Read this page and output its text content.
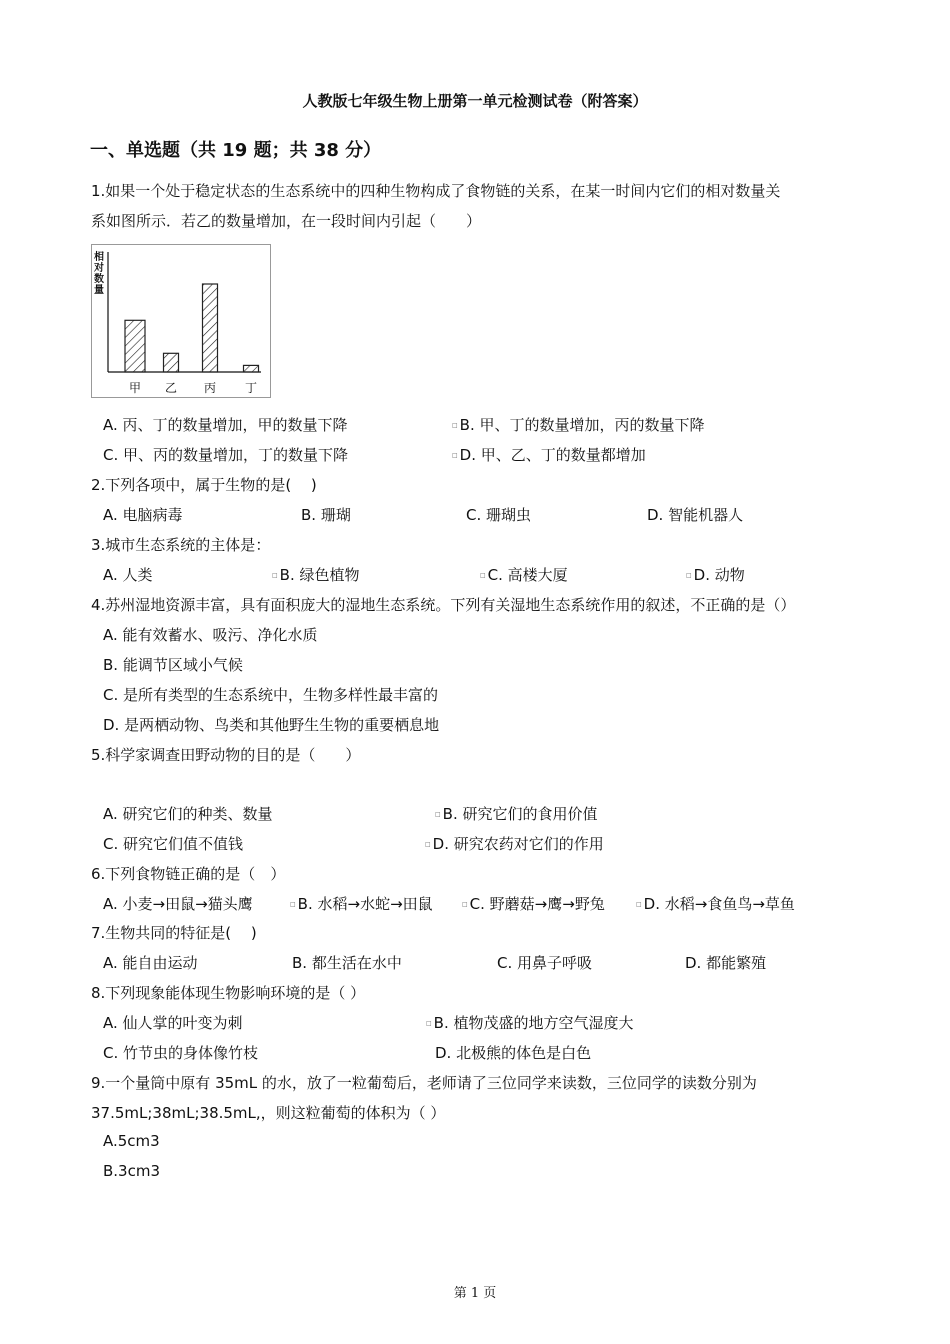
人教版七年级生物上册第一单元检测试卷（附答案）
一、单选题（共 19 题；共 38 分）
1.如果一个处于稳定状态的生态系统中的四种生物构成了食物链的关系，在某一时间内它们的相对数量关
系如图所示．若乙的数量增加，在一段时间内引起（　　）
相对数量
甲 乙 丙 丁
A. 丙、丁的数量增加，甲的数量下降	□ B. 甲、丁的数量增加，丙的数量下降
C. 甲、丙的数量增加，丁的数量下降	□ D. 甲、乙、丁的数量都增加
2.下列各项中，属于生物的是(　 )
A. 电脑病毒	B. 珊瑚	C. 珊瑚虫	D. 智能机器人
3.城市生态系统的主体是：
A. 人类	□ B. 绿色植物	□ C. 高楼大厦	□ D. 动物
4.苏州湿地资源丰富，具有面积庞大的湿地生态系统。下列有关湿地生态系统作用的叙述，不正确的是（）
A. 能有效蓄水、吸污、净化水质
B. 能调节区域小气候
C. 是所有类型的生态系统中，生物多样性最丰富的
D. 是两栖动物、鸟类和其他野生生物的重要栖息地
5.科学家调查田野动物的目的是（　　）
A. 研究它们的种类、数量	□ B. 研究它们的食用价值
C. 研究它们值不值钱	□ D. 研究农药对它们的作用
6.下列食物链正确的是（　）
A. 小麦→田鼠→猫头鹰	□ B. 水稻→水蛇→田鼠	□ C. 野蘑菇→鹰→野兔	□ D. 水稻→食鱼鸟→草鱼
7.生物共同的特征是(　 )
A. 能自由运动	B. 都生活在水中	C. 用鼻子呼吸	D. 都能繁殖
8.下列现象能体现生物影响环境的是（ ）
A. 仙人掌的叶变为刺	□ B. 植物茂盛的地方空气湿度大
C. 竹节虫的身体像竹枝	D. 北极熊的体色是白色
9.一个量筒中原有 35mL 的水，放了一粒葡萄后，老师请了三位同学来读数，三位同学的读数分别为
37.5mL;38mL;38.5mL,，则这粒葡萄的体积为（ ）
A.5cm3
B.3cm3
第 1 页
